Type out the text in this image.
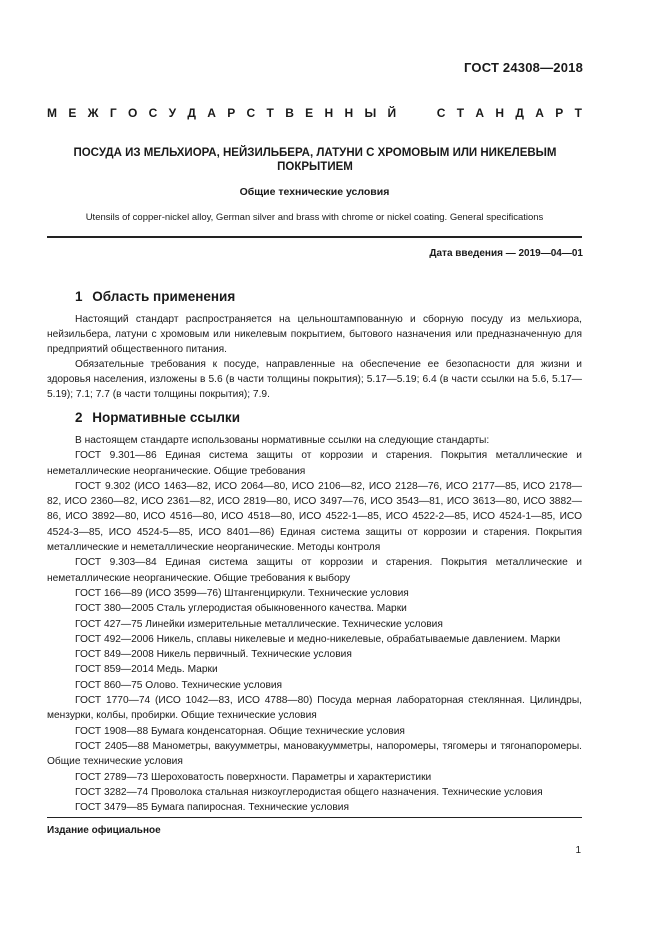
ГОСТ 24308—2018
М Е Ж Г О С У Д А Р С Т В Е Н Н Ы Й	С Т А Н Д А Р Т
ПОСУДА ИЗ МЕЛЬХИОРА, НЕЙЗИЛЬБЕРА, ЛАТУНИ С ХРОМОВЫМ ИЛИ НИКЕЛЕВЫМ ПОКРЫТИЕМ
Общие технические условия
Utensils of copper-nickel alloy, German silver and brass with chrome or nickel coating. General specifications
Дата введения — 2019—04—01
1 Область применения

Настоящий стандарт распространяется на цельноштампованную и сборную посуду из мельхиора, нейзильбера, латуни с хромовым или никелевым покрытием, бытового назначения или предназначенную для предприятий общественного питания.

Обязательные требования к посуде, направленные на обеспечение ее безопасности для жизни и здоровья населения, изложены в 5.6 (в части толщины покрытия); 5.17—5.19; 6.4 (в части ссылки на 5.6, 5.17—5.19); 7.1; 7.7 (в части толщины покрытия); 7.9.

2 Нормативные ссылки

В настоящем стандарте использованы нормативные ссылки на следующие стандарты:

ГОСТ 9.301—86 Единая система защиты от коррозии и старения. Покрытия металлические и неметаллические неорганические. Общие требования

ГОСТ 9.302 (ИСО 1463—82, ИСО 2064—80, ИСО 2106—82, ИСО 2128—76, ИСО 2177—85, ИСО 2178—82, ИСО 2360—82, ИСО 2361—82, ИСО 2819—80, ИСО 3497—76, ИСО 3543—81, ИСО 3613—80, ИСО 3882—86, ИСО 3892—80, ИСО 4516—80, ИСО 4518—80, ИСО 4522-1—85, ИСО 4522-2—85, ИСО 4524-1—85, ИСО 4524-3—85, ИСО 4524-5—85, ИСО 8401—86) Единая система защиты от коррозии и старения. Покрытия металлические и неметаллические неорганические. Методы контроля

ГОСТ 9.303—84 Единая система защиты от коррозии и старения. Покрытия металлические и неметаллические неорганические. Общие требования к выбору

ГОСТ 166—89 (ИСО 3599—76) Штангенциркули. Технические условия

ГОСТ 380—2005 Сталь углеродистая обыкновенного качества. Марки

ГОСТ 427—75 Линейки измерительные металлические. Технические условия

ГОСТ 492—2006 Никель, сплавы никелевые и медно-никелевые, обрабатываемые давлением. Марки

ГОСТ 849—2008 Никель первичный. Технические условия

ГОСТ 859—2014 Медь. Марки

ГОСТ 860—75 Олово. Технические условия

ГОСТ 1770—74 (ИСО 1042—83, ИСО 4788—80) Посуда мерная лабораторная стеклянная. Цилиндры, мензурки, колбы, пробирки. Общие технические условия

ГОСТ 1908—88 Бумага конденсаторная. Общие технические условия

ГОСТ 2405—88 Манометры, вакуумметры, мановакуумметры, напоромеры, тягомеры и тягонапоромеры. Общие технические условия

ГОСТ 2789—73 Шероховатость поверхности. Параметры и характеристики

ГОСТ 3282—74 Проволока стальная низкоуглеродистая общего назначения. Технические условия

ГОСТ 3479—85 Бумага папиросная. Технические условия

Издание официальное
1
